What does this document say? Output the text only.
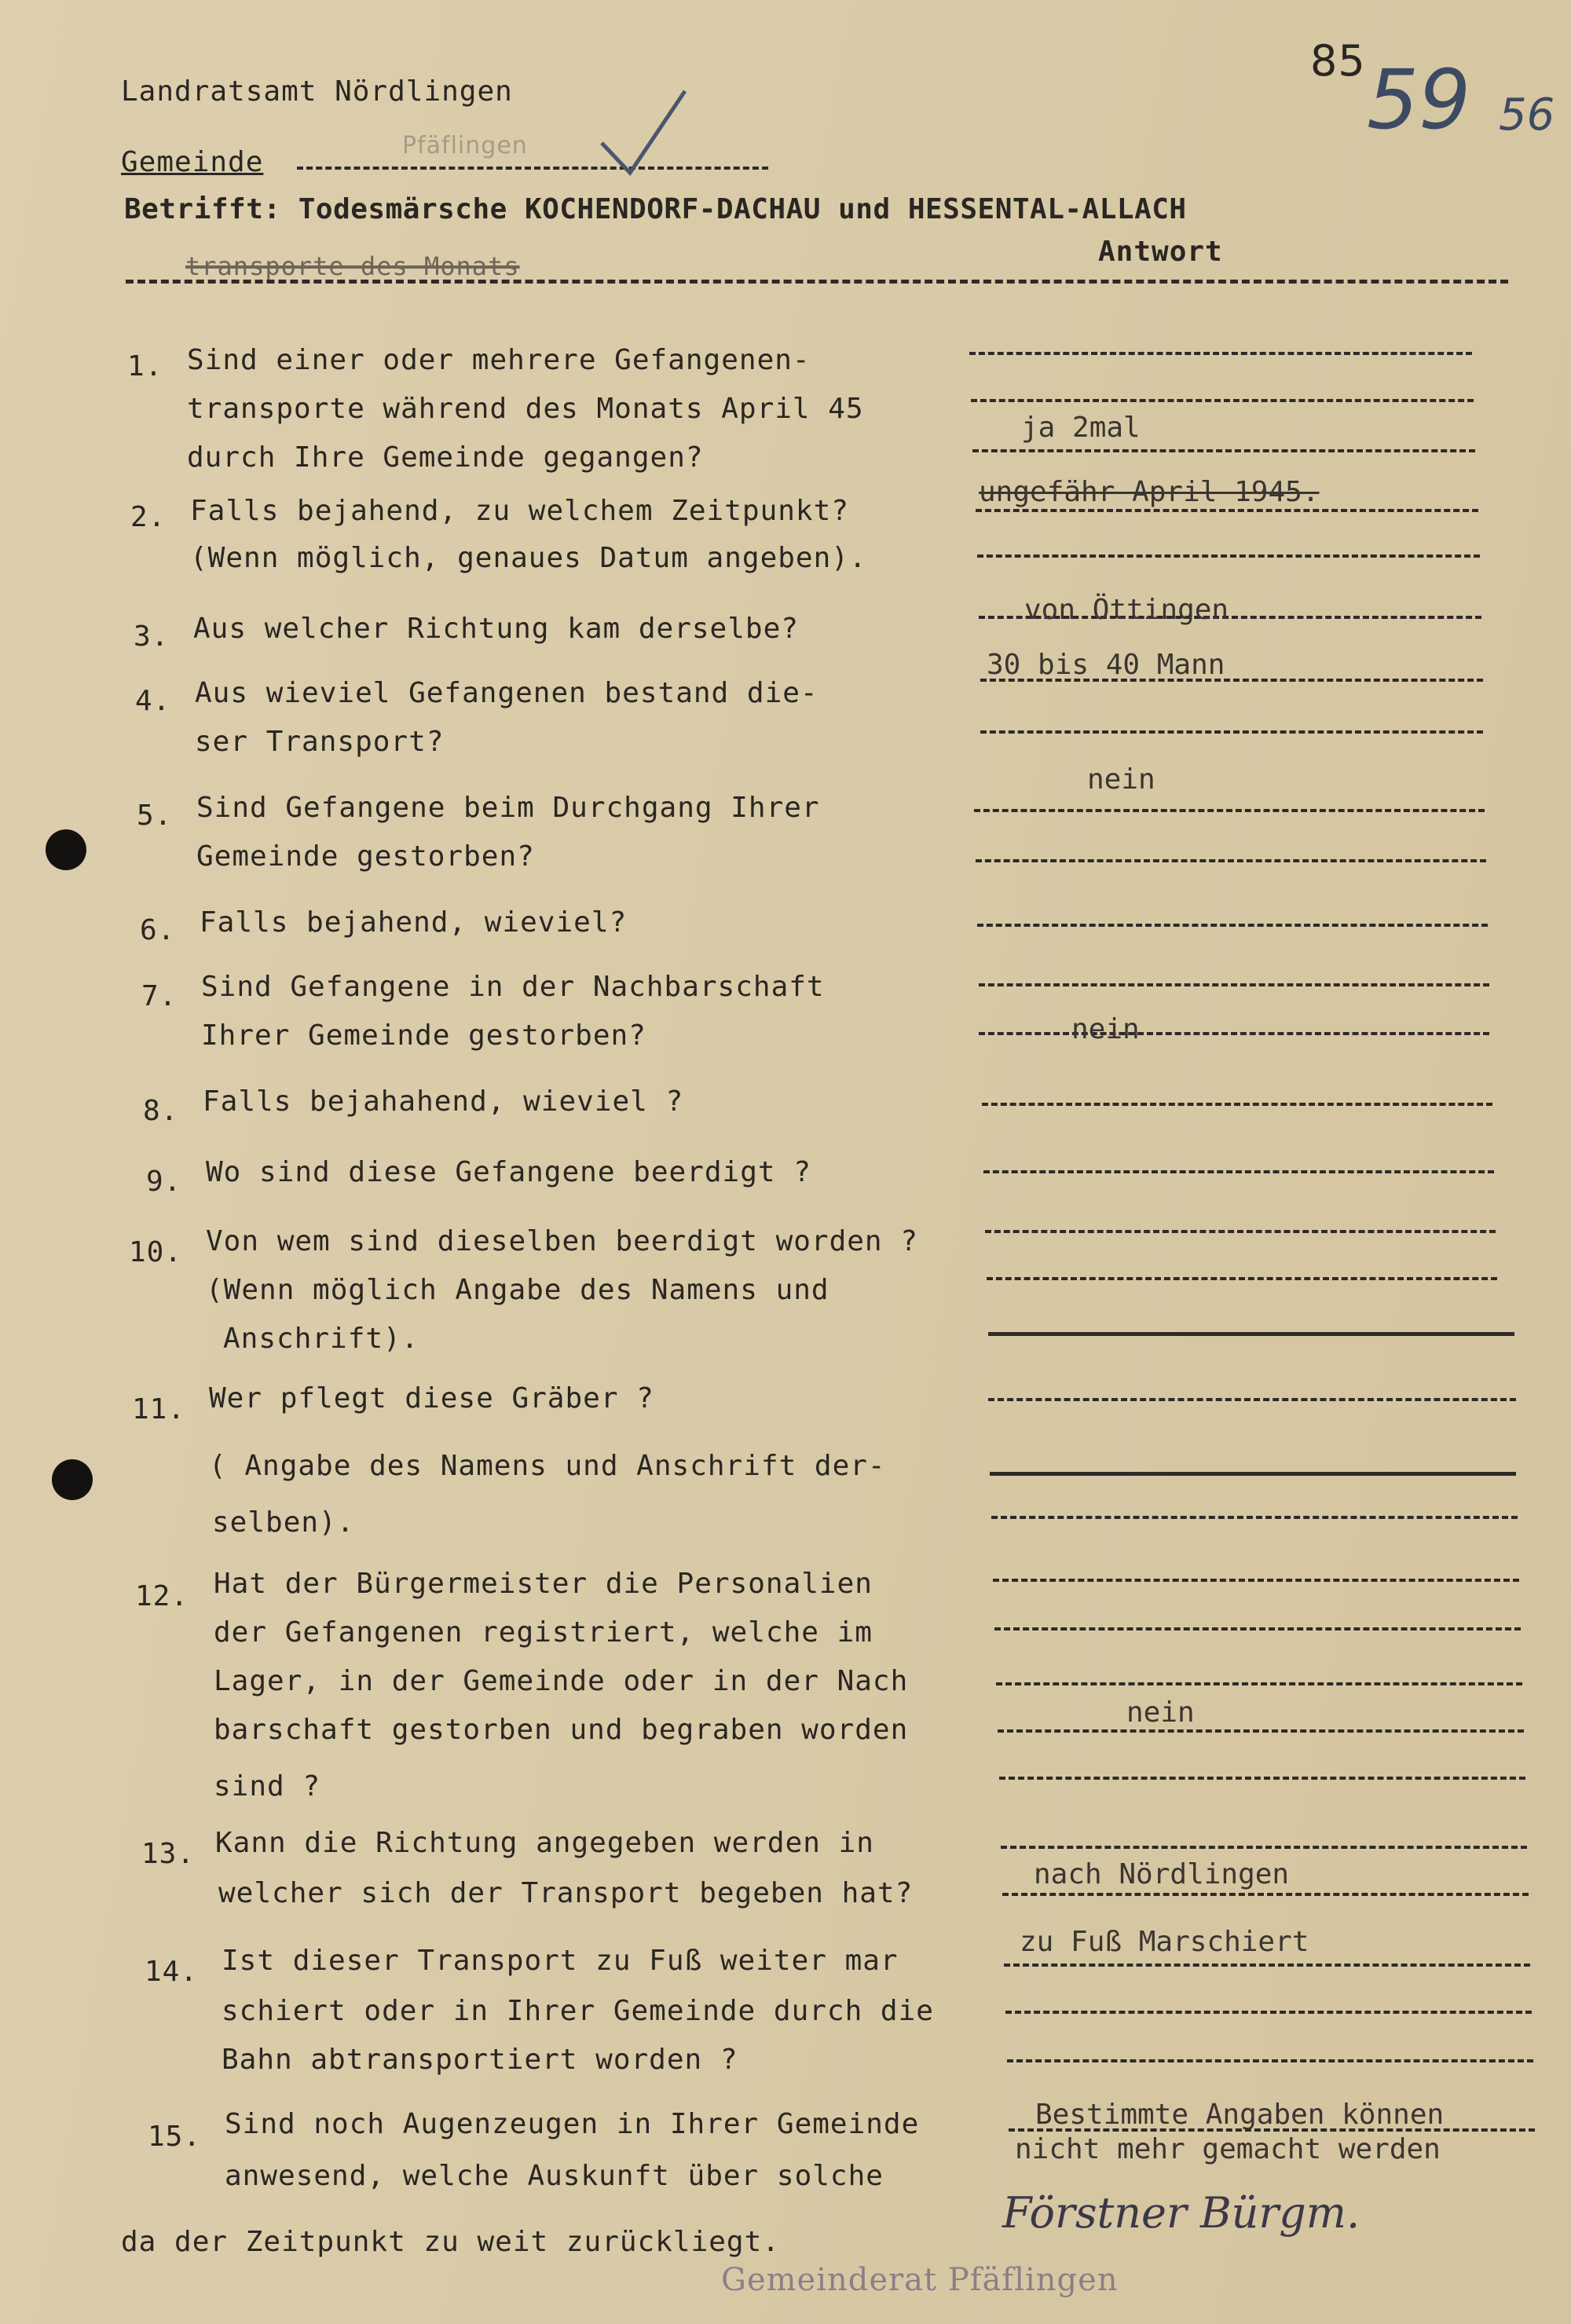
85 59 56
Landratsamt Nördlingen
Gemeinde
Pfäflingen
Betrifft: Todesmärsche KOCHENDORF-DACHAU und HESSENTAL-ALLACH
transporte des Monats	Antwort
1. Sind einer oder mehrere Gefangenen-
transporte während des Monats April 45
durch Ihre Gemeinde gegangen?
2. Falls bejahend, zu welchem Zeitpunkt?
(Wenn möglich, genaues Datum angeben).
3. Aus welcher Richtung kam derselbe?
4. Aus wieviel Gefangenen bestand die-
ser Transport?
5. Sind Gefangene beim Durchgang Ihrer
Gemeinde gestorben?
6. Falls bejahend, wieviel?
7. Sind Gefangene in der Nachbarschaft
Ihrer Gemeinde gestorben?
8. Falls bejahahend, wieviel ?
9. Wo sind diese Gefangene beerdigt ?
10. Von wem sind dieselben beerdigt worden ?
(Wenn möglich Angabe des Namens und
Anschrift).
11. Wer pflegt diese Gräber ?
( Angabe des Namens und Anschrift der-
selben).
12. Hat der Bürgermeister die Personalien
der Gefangenen registriert, welche im
Lager, in der Gemeinde oder in der Nach
barschaft gestorben und begraben worden
sind ?
13. Kann die Richtung angegeben werden in
welcher sich der Transport begeben hat?
14. Ist dieser Transport zu Fuß weiter mar
schiert oder in Ihrer Gemeinde durch die
Bahn abtransportiert worden ?
15. Sind noch Augenzeugen in Ihrer Gemeinde
anwesend, welche Auskunft über solche
da der Zeitpunkt zu weit zurückliegt.
ja 2mal
ungefähr April 1945.
von Öttingen
30 bis 40 Mann
nein
nein
nein
nach Nördlingen
zu Fuß Marschiert
Bestimmte Angaben können
nicht mehr gemacht werden
Förstner Bürgm.
Gemeinderat Pfäflingen
